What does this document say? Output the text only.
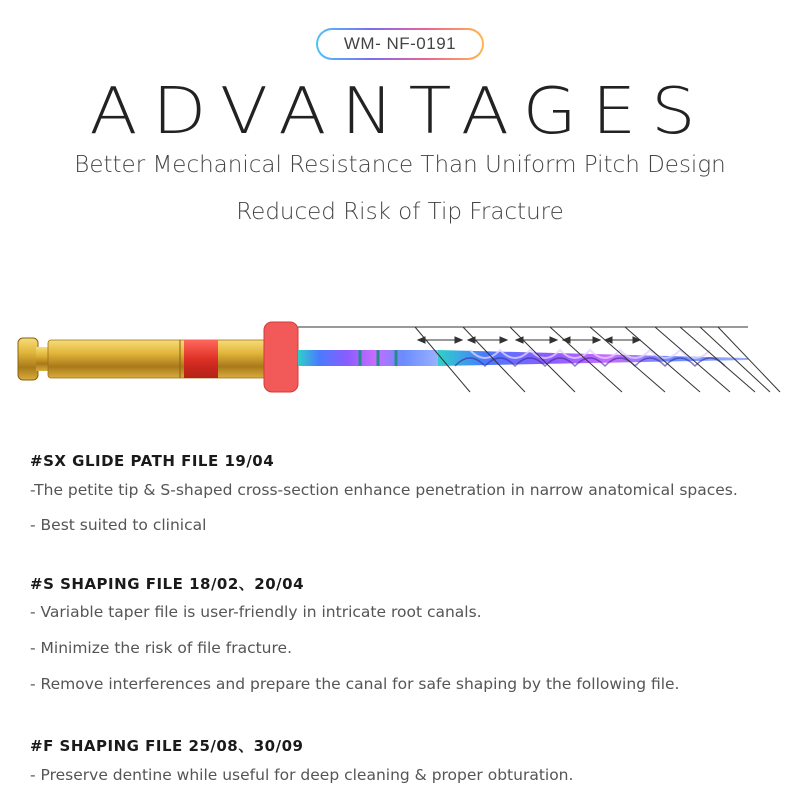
WM- NF-0191
ADVANTAGES
Better Mechanical Resistance Than Uniform Pitch Design
Reduced Risk of Tip Fracture
#SX GLIDE PATH FILE 19/04
-The petite tip & S-shaped cross-section enhance penetration in narrow anatomical spaces.
- Best suited to clinical
#S SHAPING FILE 18/02、20/04
- Variable taper file is user-friendly in intricate root canals.
- Minimize the risk of file fracture.
- Remove interferences and prepare the canal for safe shaping by the following file.
#F SHAPING FILE 25/08、30/09
- Preserve dentine while useful for deep cleaning & proper obturation.
